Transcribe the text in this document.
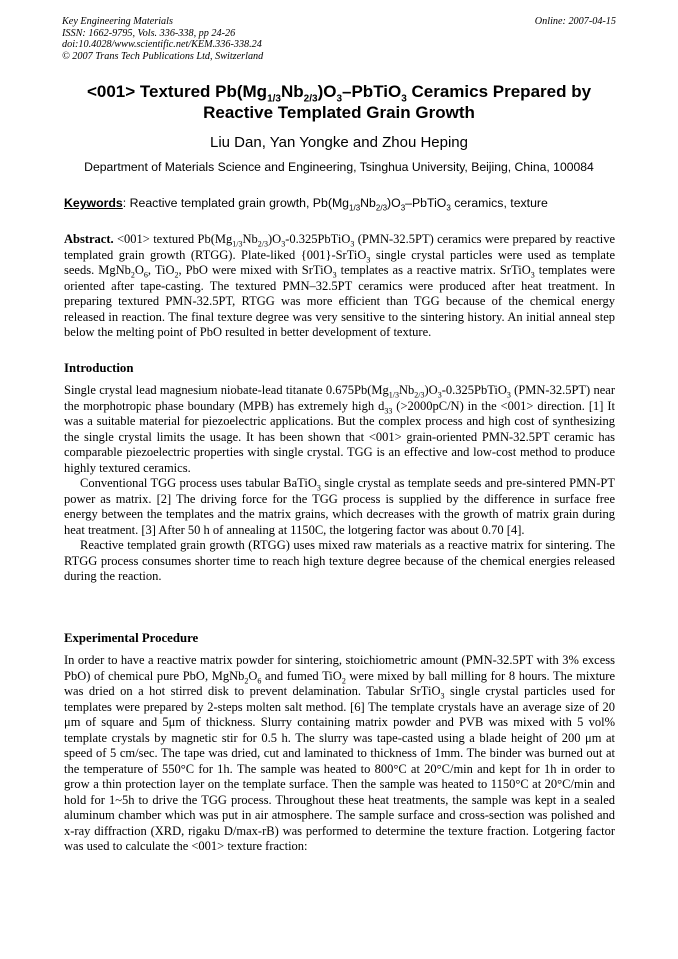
Key Engineering Materials
ISSN: 1662-9795, Vols. 336-338, pp 24-26
doi:10.4028/www.scientific.net/KEM.336-338.24
© 2007 Trans Tech Publications Ltd, Switzerland
Online: 2007-04-15
<001> Textured $Pb(Mg_{1/3}Nb_{2/3})O_3-PbTiO_3$ Ceramics Prepared by
Reactive Templated Grain Growth
Liu Dan, Yan Yongke and Zhou Heping
Department of Materials Science and Engineering, Tsinghua University, Beijing, China, 100084
Keywords: Reactive templated grain growth, $Pb(Mg_{1/3}Nb_{2/3})O_3-PbTiO_3$ ceramics, texture

Abstract. <001> textured $Pb(Mg_{1/3}Nb_{2/3})O_3-0.325PbTiO_3$ (PMN-32.5PT) ceramics were prepared by reactive templated grain growth (RTGG). Plate-liked {001}-SrTiO$_3$ single crystal particles were used as template seeds. $MgNb_2O_6$, TiO$_2$, PbO were mixed with SrTiO$_3$ templates as a reactive matrix. SrTiO$_3$ templates were oriented after tape-casting. The textured PMN–32.5PT ceramics were produced after heat treatment. In preparing textured PMN-32.5PT, RTGG was more efficient than TGG because of the chemical energy released in reaction. The final texture degree was very sensitive to the sintering history. An initial anneal step below the melting point of PbO resulted in better development of texture.

Introduction

Single crystal lead magnesium niobate-lead titanate $0.675Pb(Mg_{1/3}Nb_{2/3})O_3-0.325PbTiO_3$ (PMN-32.5PT) near the morphotropic phase boundary (MPB) has extremely high $d_{33}$ (>2000pC/N) in the <001> direction. [1] It was a suitable material for piezoelectric applications. But the complex process and high cost of synthesizing the single crystal limits the usage. It has been shown that <001> grain-oriented PMN-32.5PT ceramic has comparable piezoelectric properties with single crystal. TGG is an effective and low-cost method to produce highly textured ceramics.

Conventional TGG process uses tabular BaTiO$_3$ single crystal as template seeds and pre-sintered PMN-PT power as matrix. [2] The driving force for the TGG process is supplied by the difference in surface free energy between the templates and the matrix grains, which decreases with the growth of matrix grain during heat treatment. [3] After 50 h of annealing at 1150C, the lotgering factor was about 0.70 [4].

Reactive templated grain growth (RTGG) uses mixed raw materials as a reactive matrix for sintering. The RTGG process consumes shorter time to reach high texture degree because of the chemical energies released during the reaction.

Experimental Procedure

In order to have a reactive matrix powder for sintering, stoichiometric amount (PMN-32.5PT with 3% excess PbO) of chemical pure PbO, $MgNb_2O_6$ and fumed TiO$_2$ were mixed by ball milling for 8 hours. The mixture was dried on a hot stirred disk to prevent delamination. Tabular SrTiO$_3$ single crystal particles used for templates were prepared by 2-steps molten salt method. [6] The template crystals have an average size of 20 μm of square and 5μm of thickness. Slurry containing matrix powder and PVB was mixed with 5 vol% template crystals by magnetic stir for 0.5 h. The slurry was tape-casted using a blade height of 200 μm at speed of 5 cm/sec. The tape was dried, cut and laminated to thickness of 1mm. The binder was burned out at the temperature of 550°C for 1h. The sample was heated to 800°C at 20°C/min and kept for 1h in order to grow a thin protection layer on the template surface. Then the sample was heated to 1150°C at 20°C/min and hold for 1~5h to drive the TGG process. Throughout these heat treatments, the sample was kept in a sealed aluminum chamber which was put in air atmosphere. The sample surface and cross-section was polished and x-ray diffraction (XRD, rigaku D/max-rB) was performed to determine the texture fraction. Lotgering factor was used to calculate the <001> texture fraction:
